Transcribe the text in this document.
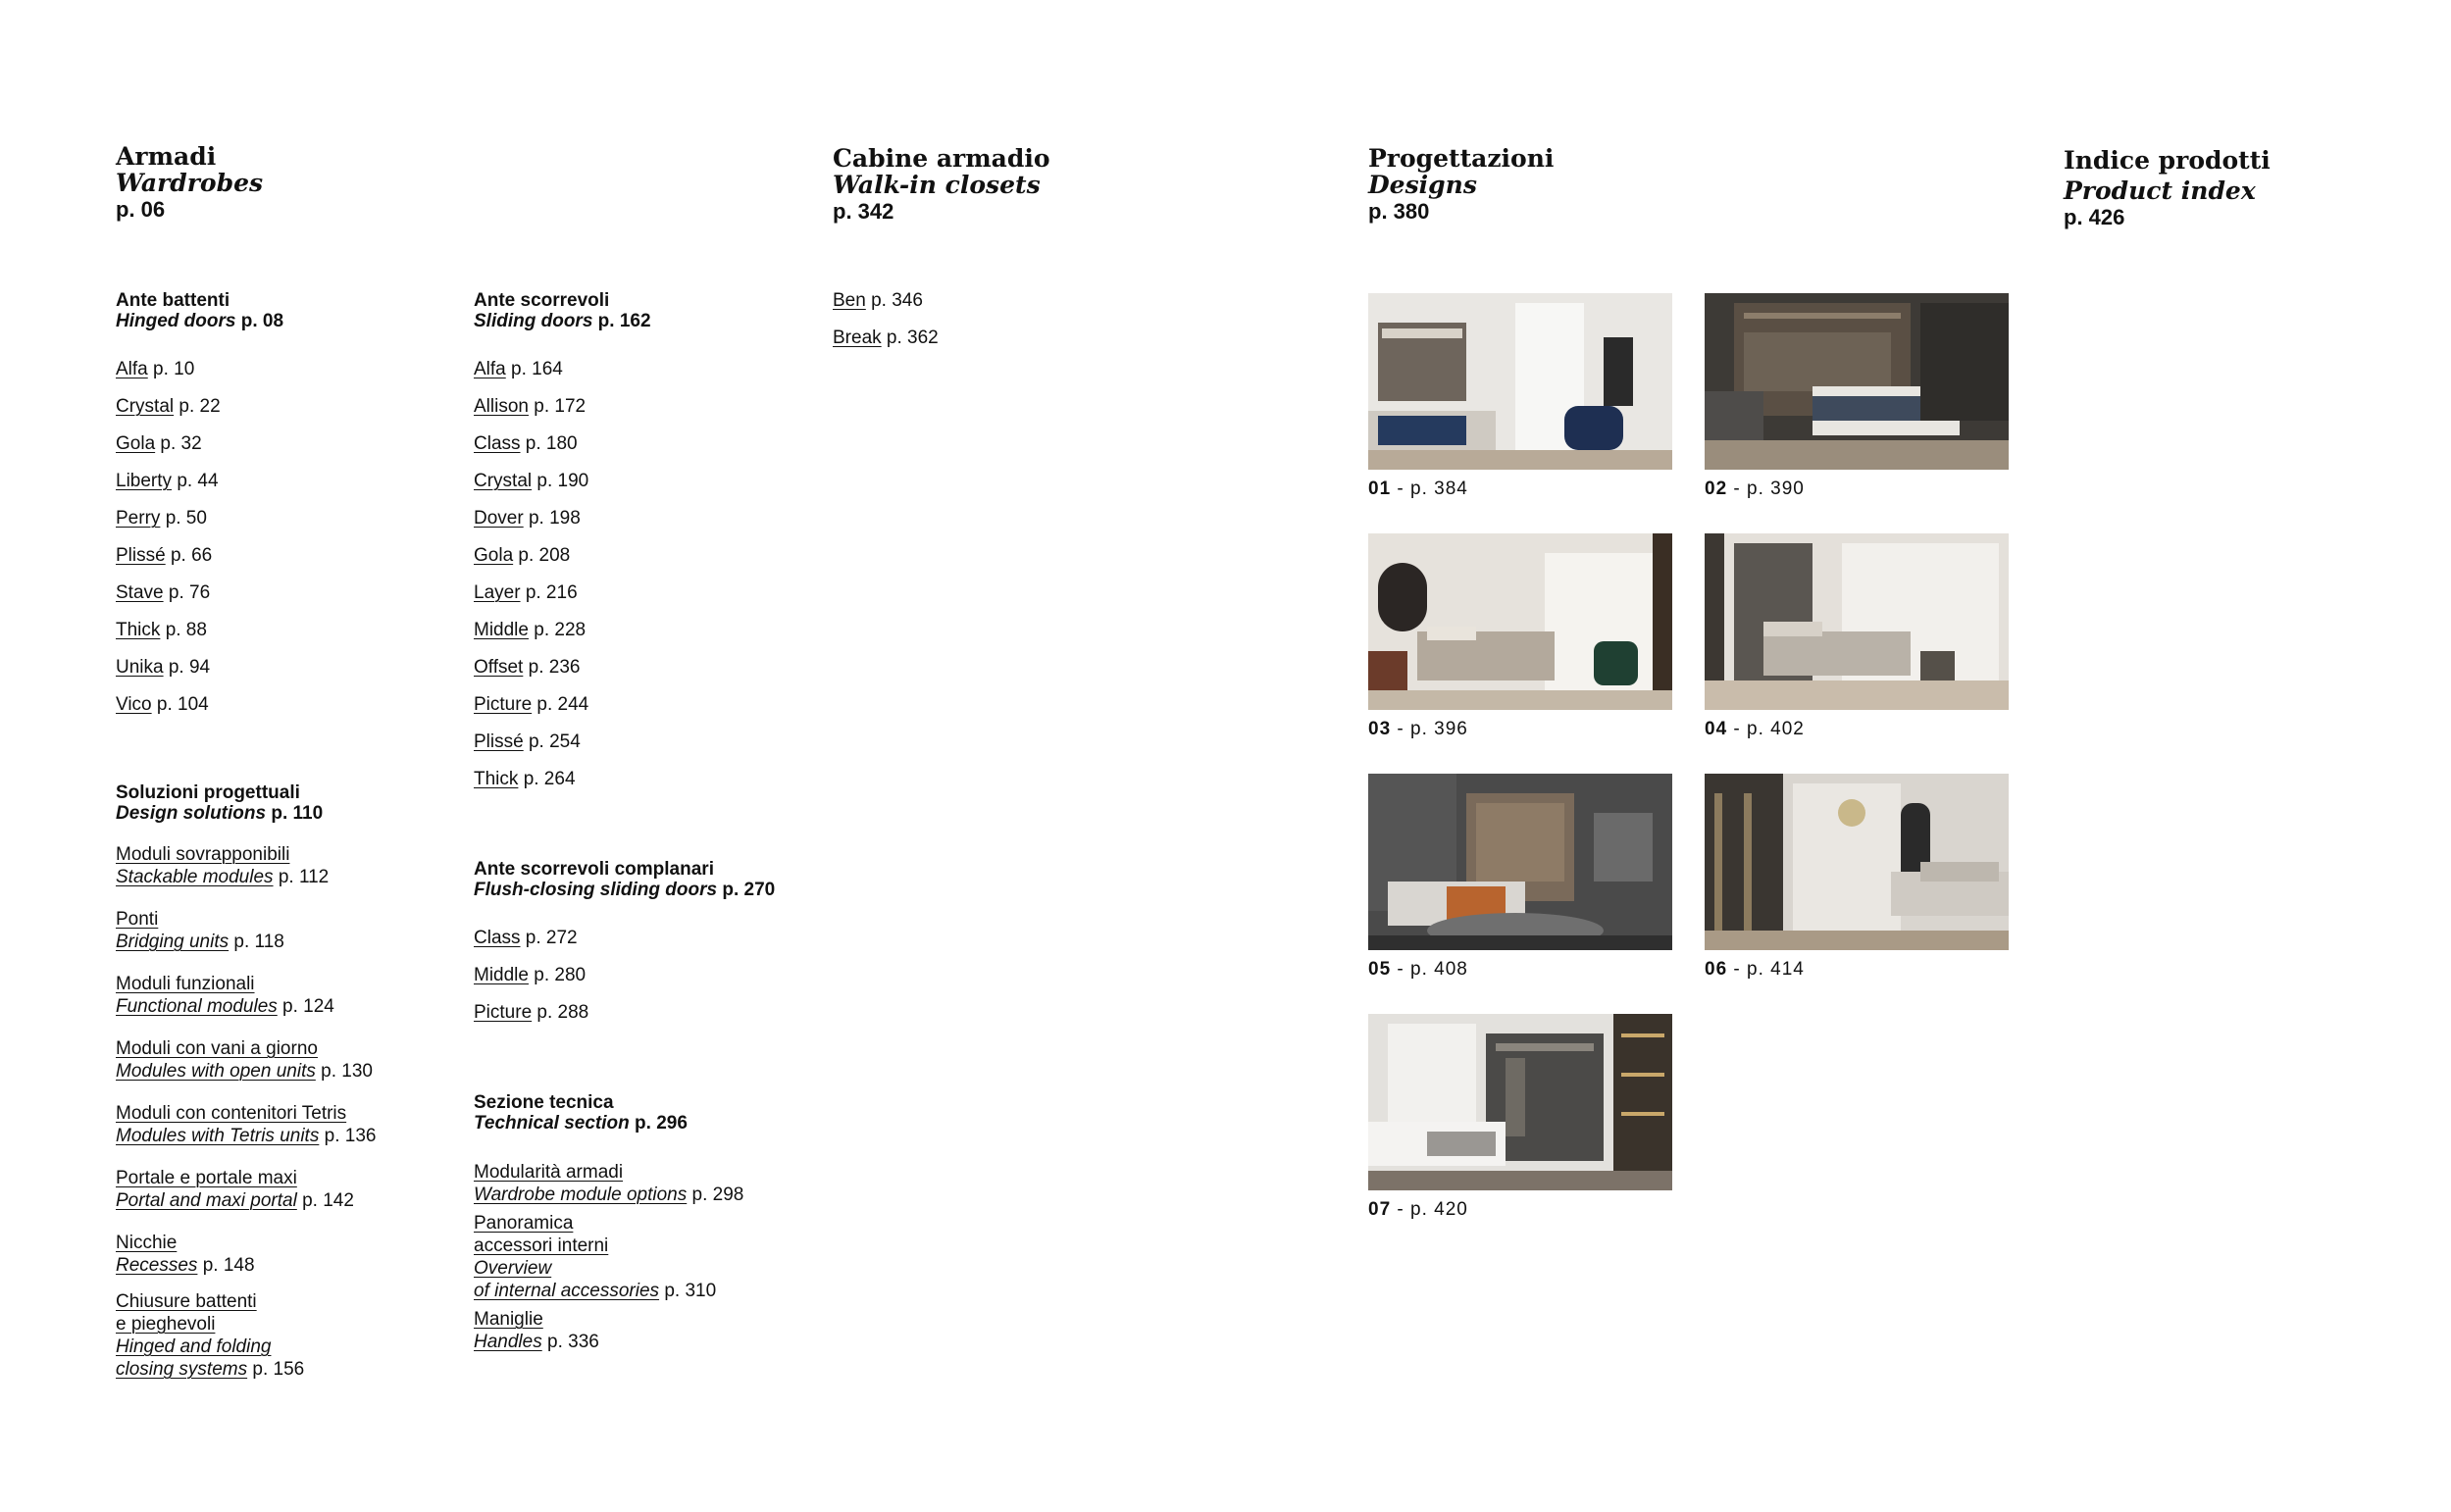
Armadi
Wardrobes
p. 06
Ante battenti
Hinged doors p. 08
Alfa p. 10
Crystal p. 22
Gola p. 32
Liberty p. 44
Perry p. 50
Plissé p. 66
Stave p. 76
Thick p. 88
Unika p. 94
Vico p. 104
Soluzioni progettuali
Design solutions p. 110
Moduli sovrapponibili
Stackable modules p. 112
Ponti
Bridging units p. 118
Moduli funzionali
Functional modules p. 124
Moduli con vani a giorno
Modules with open units p. 130
Moduli con contenitori Tetris
Modules with Tetris units p. 136
Portale e portale maxi
Portal and maxi portal p. 142
Nicchie
Recesses p. 148
Chiusure battenti
e pieghevoli
Hinged and folding
closing systems p. 156
Ante scorrevoli
Sliding doors p. 162
Alfa p. 164
Allison p. 172
Class p. 180
Crystal p. 190
Dover p. 198
Gola p. 208
Layer p. 216
Middle p. 228
Offset p. 236
Picture p. 244
Plissé p. 254
Thick p. 264
Ante scorrevoli complanari
Flush-closing sliding doors p. 270
Class p. 272
Middle p. 280
Picture p. 288
Sezione tecnica
Technical section p. 296
Modularità armadi
Wardrobe module options p. 298
Panoramica
accessori interni
Overview
of internal accessories p. 310
Maniglie
Handles p. 336
Cabine armadio
Walk-in closets
p. 342
Ben p. 346
Break p. 362
Progettazioni
Designs
p. 380
01 - p. 384	02 - p. 390
03 - p. 396	04 - p. 402
05 - p. 408	06 - p. 414
07 - p. 420
Indice prodotti
Product index
p. 426
